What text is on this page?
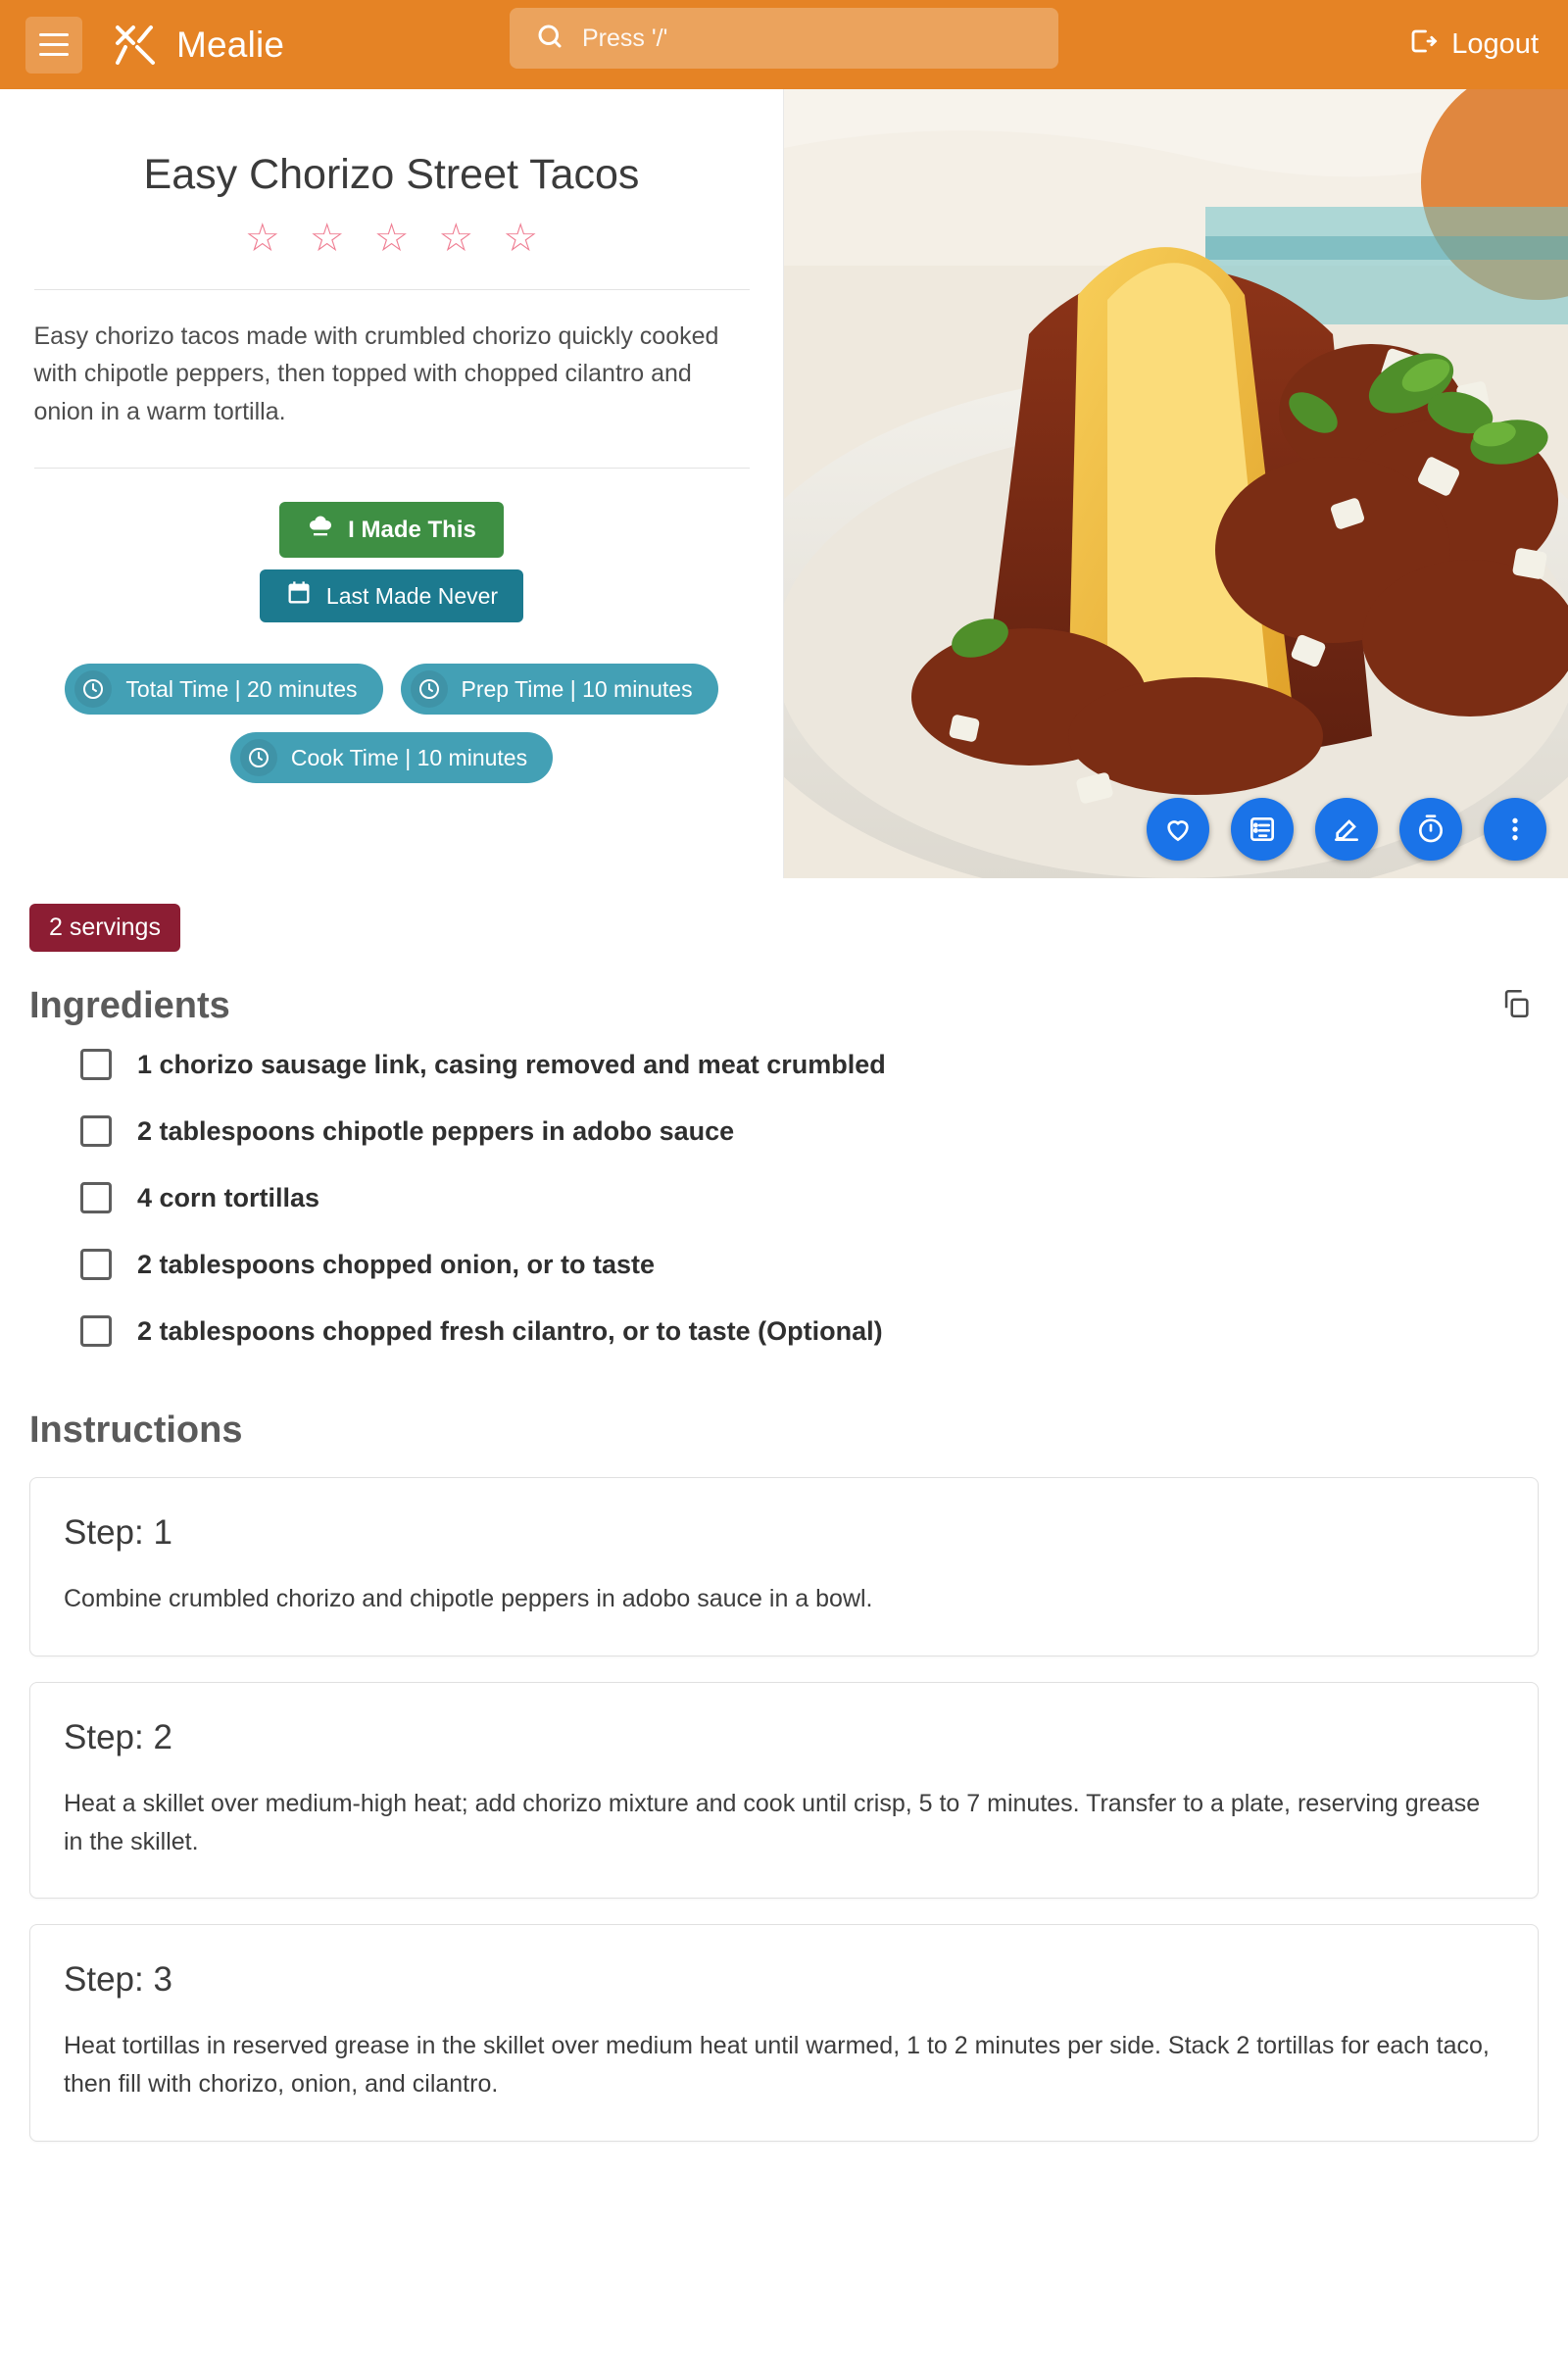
Mealie
Press '/'	Logout
Easy Chorizo Street Tacos
☆ ☆ ☆ ☆ ☆
Easy chorizo tacos made with crumbled chorizo quickly cooked with chipotle peppers, then topped with chopped cilantro and onion in a warm tortilla.
I Made This
Last Made Never
Total Time | 20 minutes	Prep Time | 10 minutes
Cook Time | 10 minutes
2 servings
Ingredients
1 chorizo sausage link, casing removed and meat crumbled
2 tablespoons chipotle peppers in adobo sauce
4 corn tortillas
2 tablespoons chopped onion, or to taste
2 tablespoons chopped fresh cilantro, or to taste (Optional)
Instructions
Step: 1
Combine crumbled chorizo and chipotle peppers in adobo sauce in a bowl.
Step: 2
Heat a skillet over medium-high heat; add chorizo mixture and cook until crisp, 5 to 7 minutes. Transfer to a plate, reserving grease in the skillet.
Step: 3
Heat tortillas in reserved grease in the skillet over medium heat until warmed, 1 to 2 minutes per side. Stack 2 tortillas for each taco, then fill with chorizo, onion, and cilantro.
